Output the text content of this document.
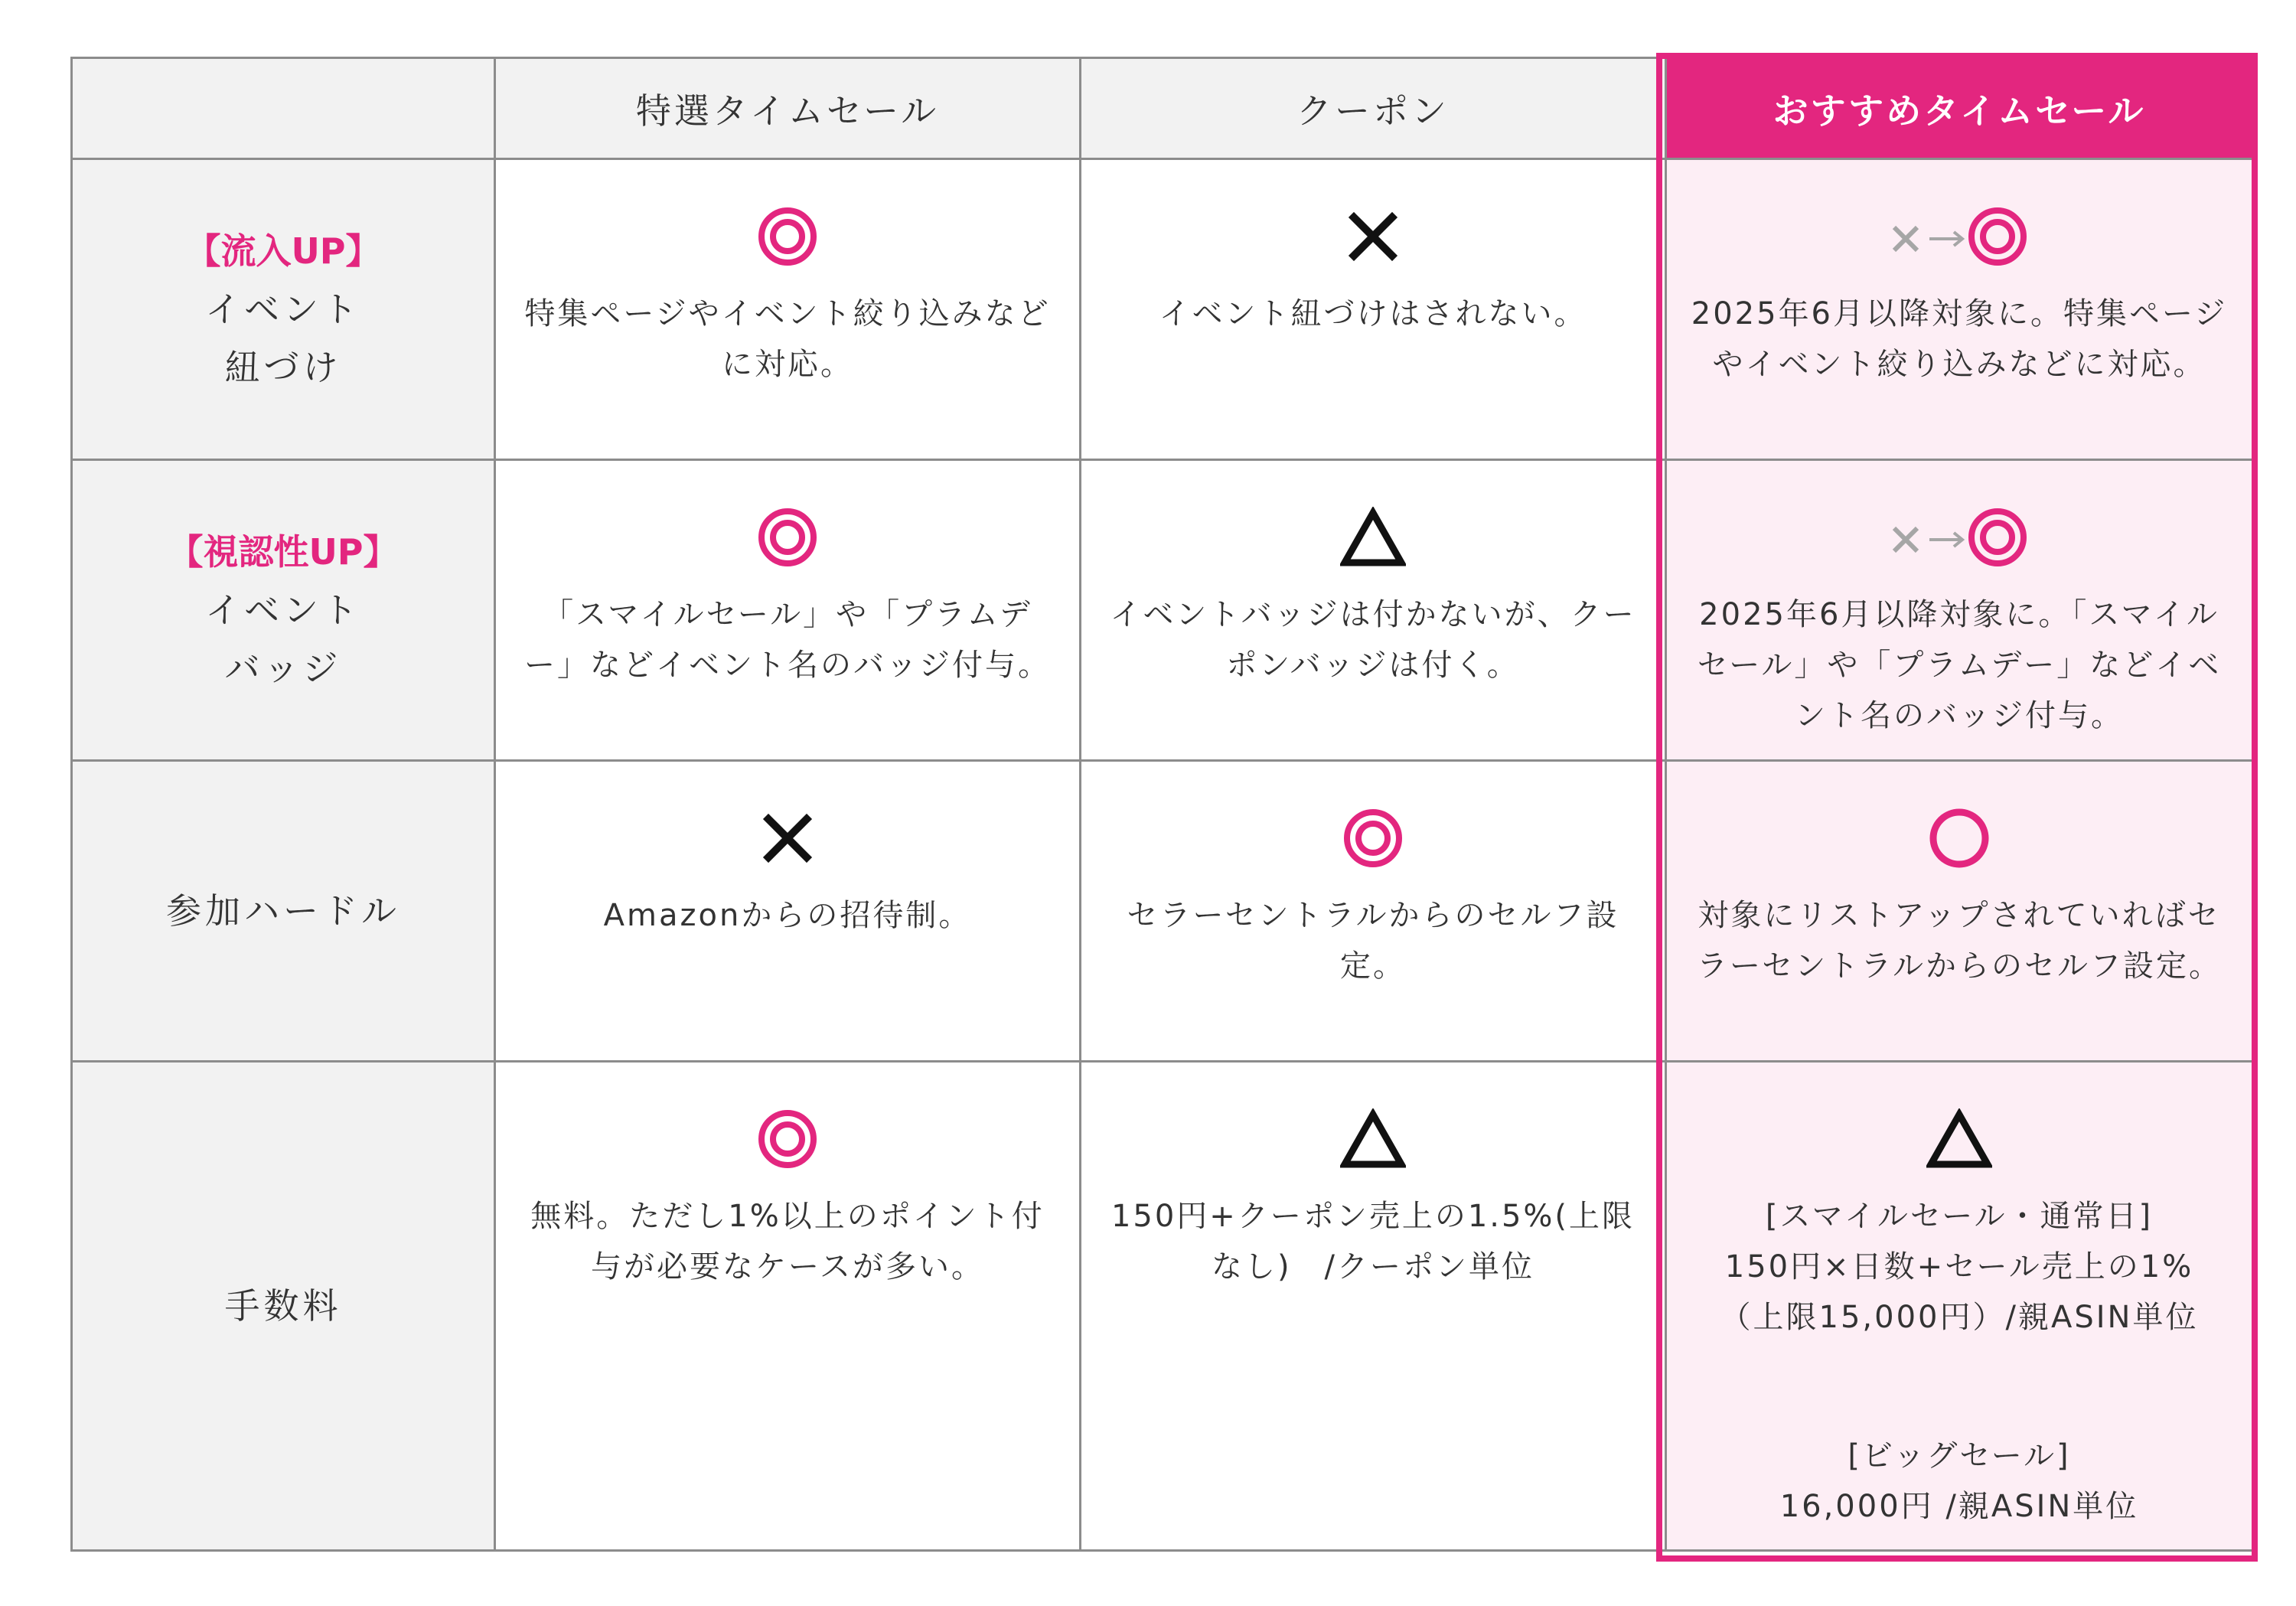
	特選タイムセール	クーポン	おすすめタイムセール

【流入UP】
イベント
紐づけ	特集ページやイベント絞り込みなどに対応。	イベント紐づけはされない。	2025年6月以降対象に。特集ページやイベント絞り込みなどに対応。

【視認性UP】
イベント
バッジ	「スマイルセール」や「プラムデー」などイベント名のバッジ付与。	イベントバッジは付かないが、クーポンバッジは付く。	2025年6月以降対象に。「スマイルセール」や「プラムデー」などイベント名のバッジ付与。

参加ハードル	Amazonからの招待制。	セラーセントラルからのセルフ設定。	対象にリストアップされていればセラーセントラルからのセルフ設定。

手数料	無料。ただし1%以上のポイント付与が必要なケースが多い。	150円+クーポン売上の1.5%(上限なし)　/クーポン単位	[スマイルセール・通常日]
150円×日数+セール売上の1%
（上限15,000円）/親ASIN単位
[ビッグセール]
16,000円 /親ASIN単位
